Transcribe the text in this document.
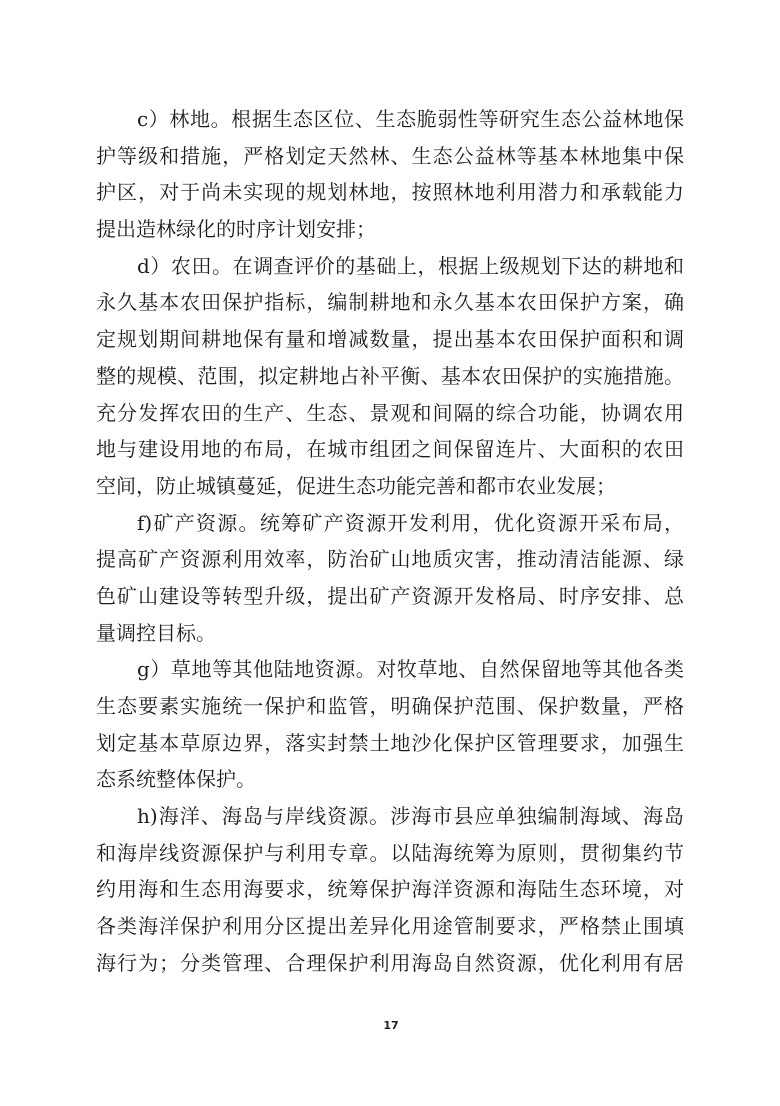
c）林地。根据生态区位、生态脆弱性等研究生态公益林地保
护等级和措施，严格划定天然林、生态公益林等基本林地集中保
护区，对于尚未实现的规划林地，按照林地利用潜力和承载能力
提出造林绿化的时序计划安排；
d）农田。在调查评价的基础上，根据上级规划下达的耕地和
永久基本农田保护指标，编制耕地和永久基本农田保护方案，确
定规划期间耕地保有量和增减数量，提出基本农田保护面积和调
整的规模、范围，拟定耕地占补平衡、基本农田保护的实施措施。
充分发挥农田的生产、生态、景观和间隔的综合功能，协调农用
地与建设用地的布局，在城市组团之间保留连片、大面积的农田
空间，防止城镇蔓延，促进生态功能完善和都市农业发展；
f)矿产资源。统筹矿产资源开发利用，优化资源开采布局，
提高矿产资源利用效率，防治矿山地质灾害，推动清洁能源、绿
色矿山建设等转型升级，提出矿产资源开发格局、时序安排、总
量调控目标。
g）草地等其他陆地资源。对牧草地、自然保留地等其他各类
生态要素实施统一保护和监管，明确保护范围、保护数量，严格
划定基本草原边界，落实封禁土地沙化保护区管理要求，加强生
态系统整体保护。
h)海洋、海岛与岸线资源。涉海市县应单独编制海域、海岛
和海岸线资源保护与利用专章。以陆海统筹为原则，贯彻集约节
约用海和生态用海要求，统筹保护海洋资源和海陆生态环境，对
各类海洋保护利用分区提出差异化用途管制要求，严格禁止围填
海行为；分类管理、合理保护利用海岛自然资源，优化利用有居
17
